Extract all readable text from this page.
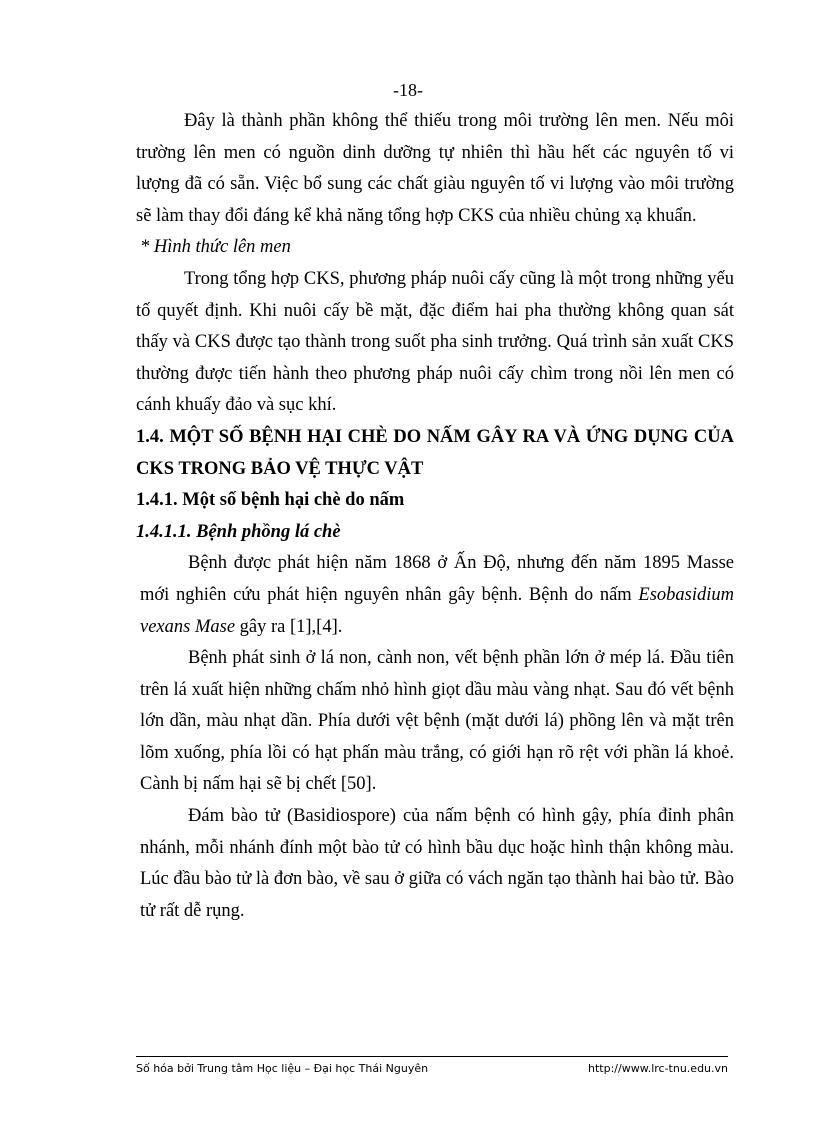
-18-

Đây là thành phần không thể thiếu trong môi trường lên men. Nếu môi trường lên men có nguồn dinh dưỡng tự nhiên thì hầu hết các nguyên tố vi lượng đã có sẵn. Việc bổ sung các chất giàu nguyên tố vi lượng vào môi trường sẽ làm thay đổi đáng kể khả năng tổng hợp CKS của nhiều chủng xạ khuẩn.

* Hình thức lên men

Trong tổng hợp CKS, phương pháp nuôi cấy cũng là một trong những yếu tố quyết định. Khi nuôi cấy bề mặt, đặc điểm hai pha thường không quan sát thấy và CKS được tạo thành trong suốt pha sinh trưởng. Quá trình sản xuất CKS thường được tiến hành theo phương pháp nuôi cấy chìm trong nồi lên men có cánh khuấy đảo và sục khí.

1.4. MỘT SỐ BỆNH HẠI CHÈ DO NẤM GÂY RA VÀ ỨNG DỤNG CỦA CKS TRONG BẢO VỆ THỰC VẬT

1.4.1. Một số bệnh hại chè do nấm

1.4.1.1. Bệnh phồng lá chè

Bệnh được phát hiện năm 1868 ở Ấn Độ, nhưng đến năm 1895 Masse mới nghiên cứu phát hiện nguyên nhân gây bệnh. Bệnh do nấm Esobasidium vexans Mase gây ra [1],[4].

Bệnh phát sinh ở lá non, cành non, vết bệnh phần lớn ở mép lá. Đầu tiên trên lá xuất hiện những chấm nhỏ hình giọt dầu màu vàng nhạt. Sau đó vết bệnh lớn dần, màu nhạt dần. Phía dưới vệt bệnh (mặt dưới lá) phồng lên và mặt trên lõm xuống, phía lồi có hạt phấn màu trắng, có giới hạn rõ rệt với phần lá khoẻ. Cành bị nấm hại sẽ bị chết [50].

Đám bào tử (Basidiospore) của nấm bệnh có hình gậy, phía đỉnh phân nhánh, mỗi nhánh đính một bào tử có hình bầu dục hoặc hình thận không màu. Lúc đầu bào tử là đơn bào, về sau ở giữa có vách ngăn tạo thành hai bào tử. Bào tử rất dễ rụng.

Số hóa bởi Trung tâm Học liệu – Đại học Thái Nguyên	http://www.lrc-tnu.edu.vn
